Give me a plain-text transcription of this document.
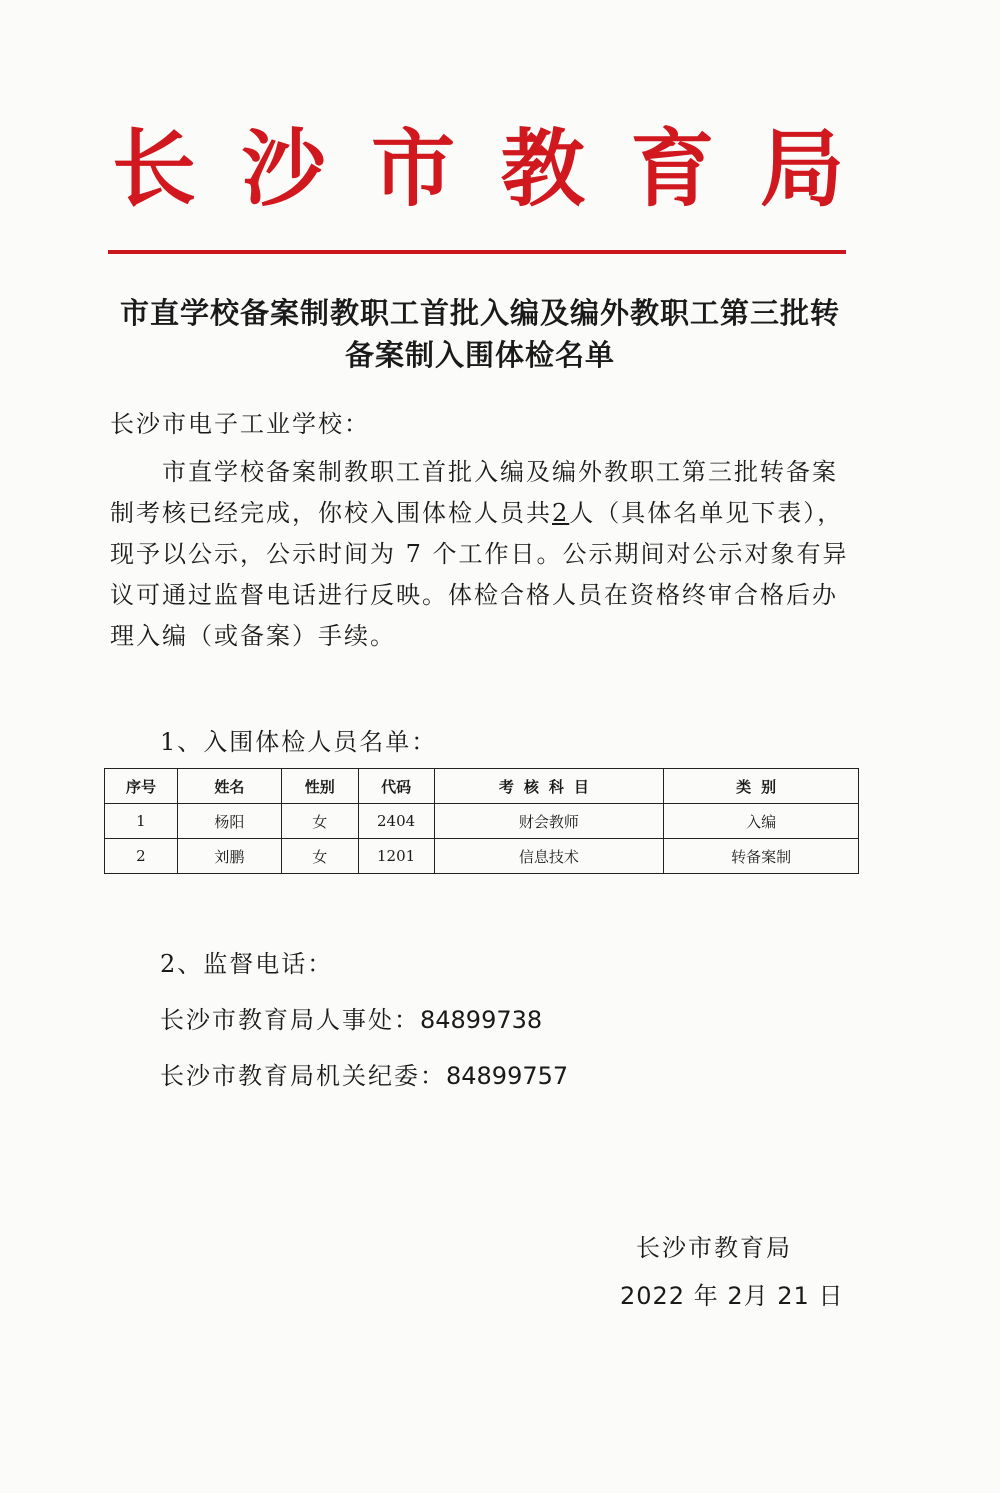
长 沙 市 教 育 局
市直学校备案制教职工首批入编及编外教职工第三批转
备案制入围体检名单
长沙市电子工业学校：
市直学校备案制教职工首批入编及编外教职工第三批转备案制考核已经完成，你校入围体检人员共2人（具体名单见下表），现予以公示，公示时间为 7 个工作日。公示期间对公示对象有异议可通过监督电话进行反映。体检合格人员在资格终审合格后办理入编（或备案）手续。
1、入围体检人员名单：
序号	姓名	性别	代码	考核科目	类别
1	杨阳	女	2404	财会教师	入编
2	刘鹏	女	1201	信息技术	转备案制
2、监督电话：
长沙市教育局人事处：84899738
长沙市教育局机关纪委：84899757
长沙市教育局
2022 年 2月 21 日
